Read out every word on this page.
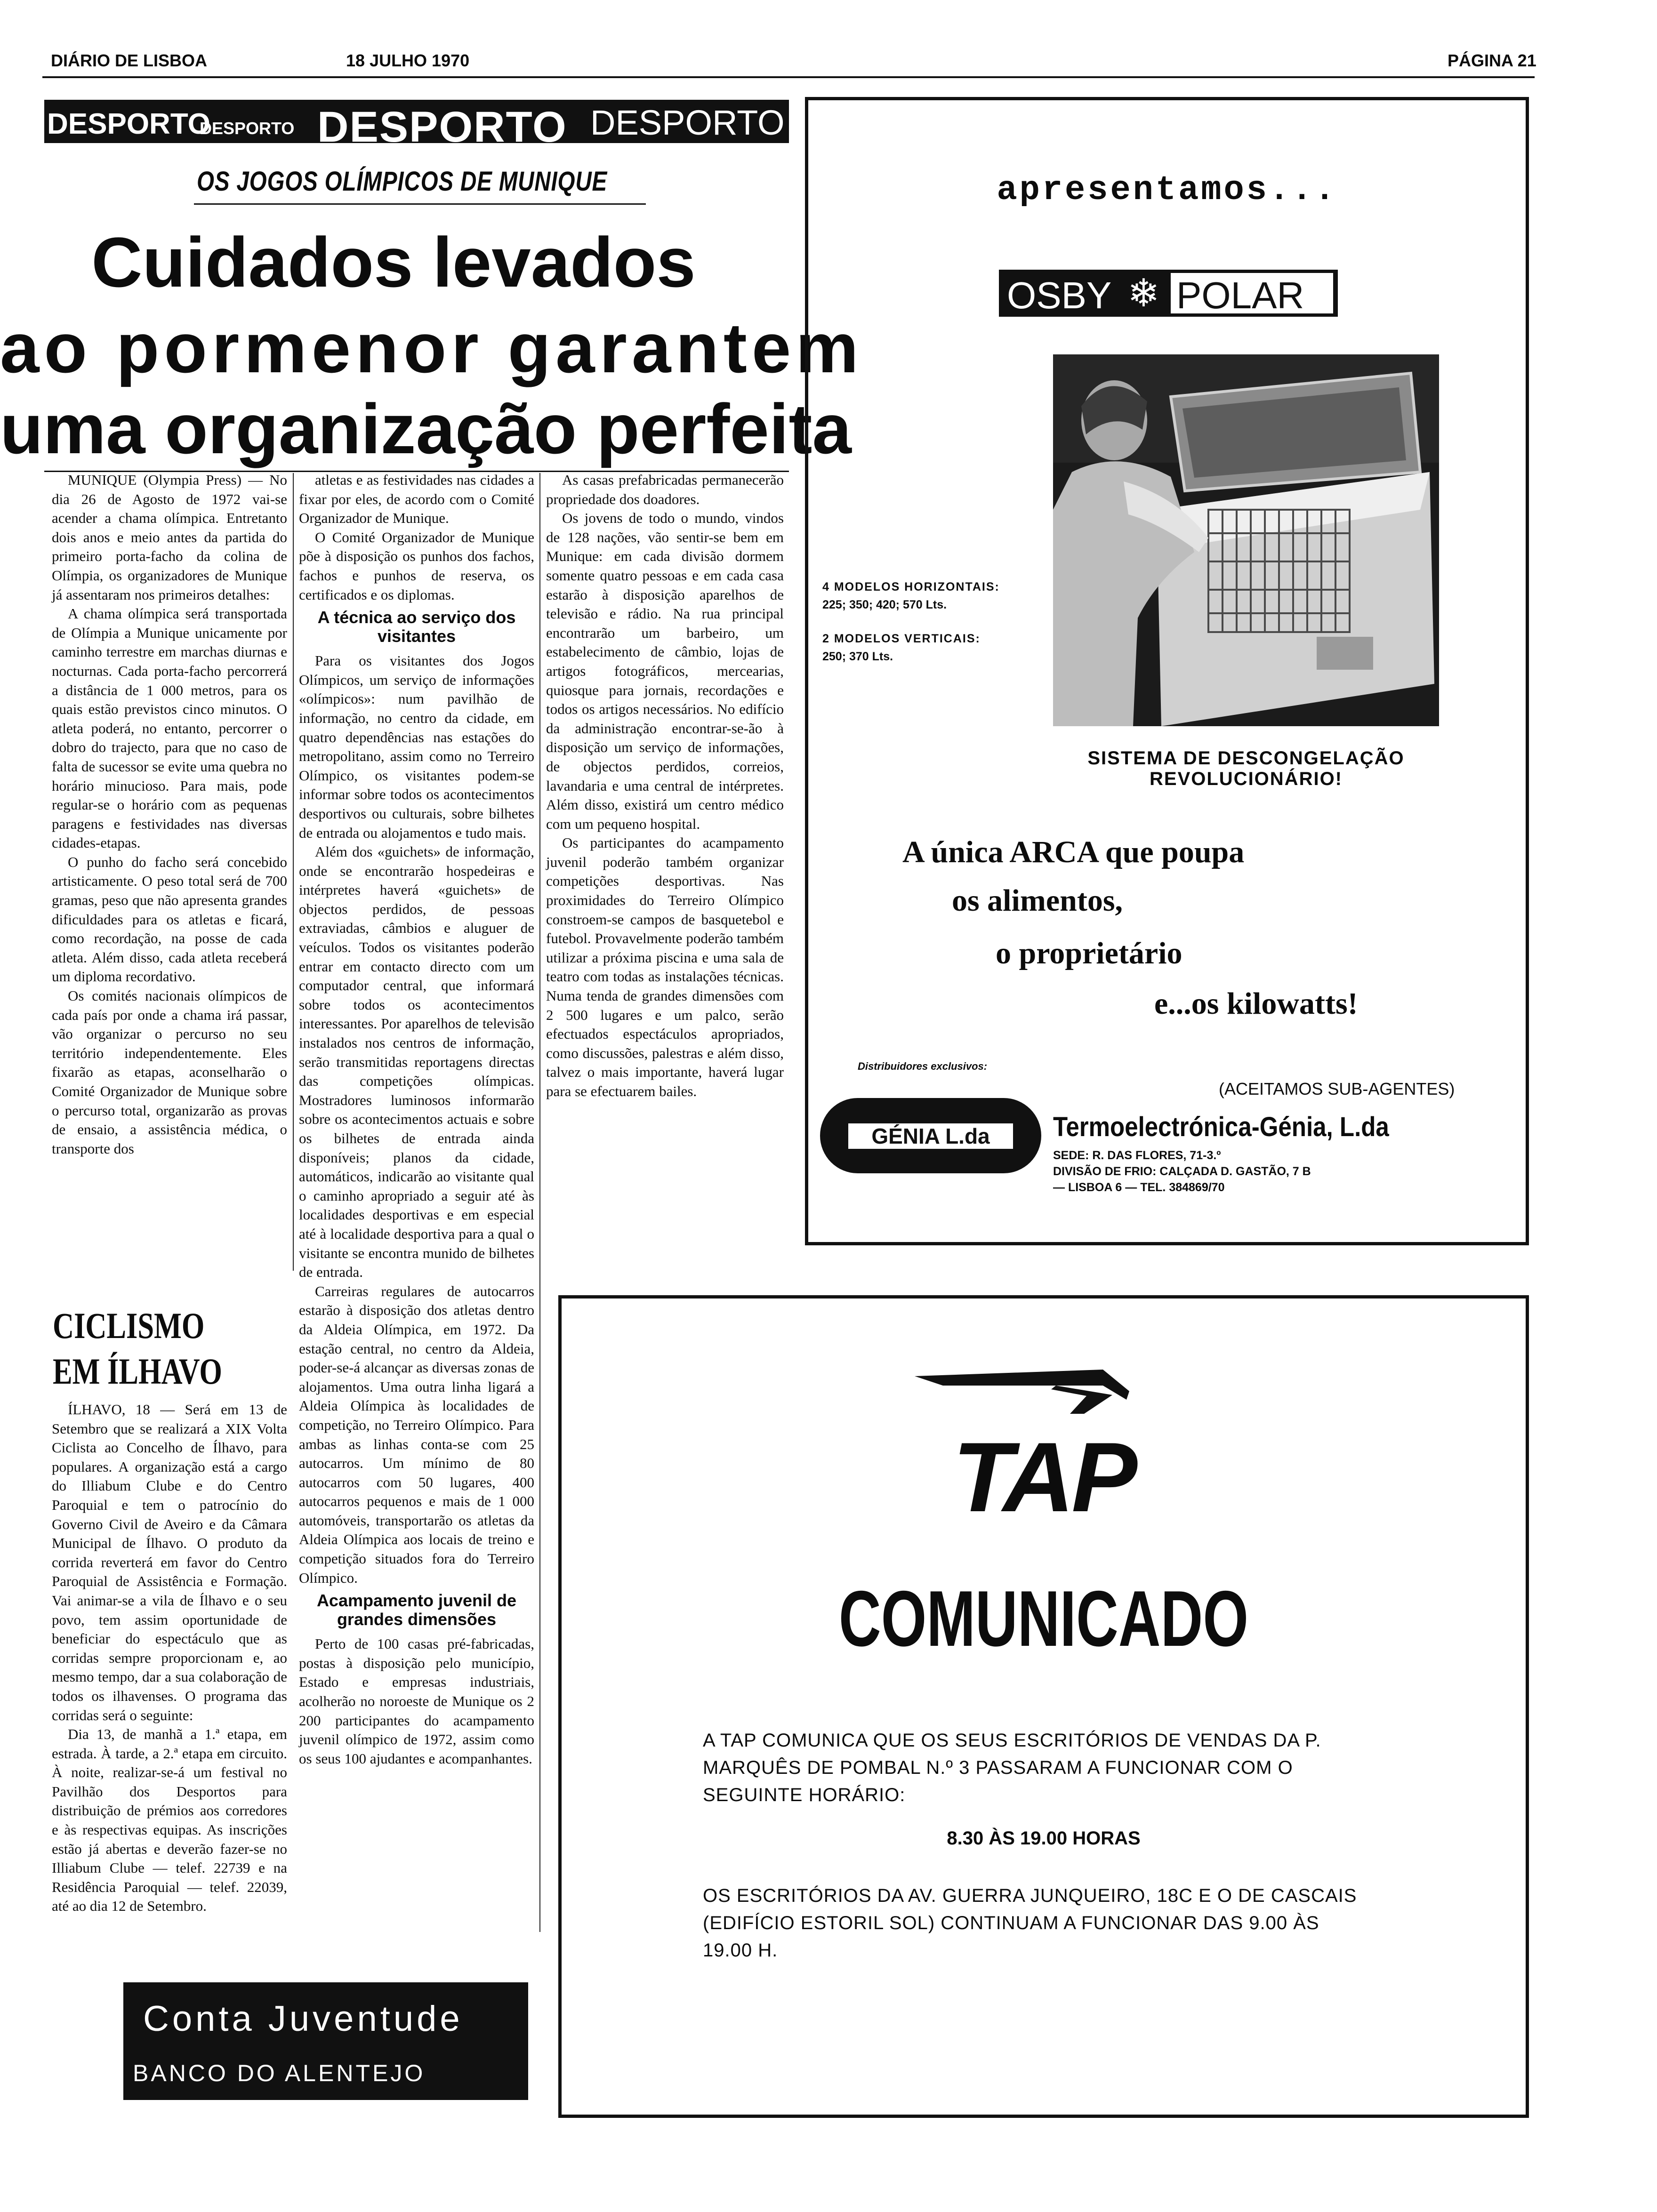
DIÁRIO DE LISBOA	18 JULHO 1970	PÁGINA 21
DESPORTO
DESPORTO DESPORTO DESPORTO
OS JOGOS OLÍMPICOS DE MUNIQUE
Cuidados levados
ao pormenor garantem
uma organização perfeita

MUNIQUE (Olympia Press) — No dia 26 de Agosto de 1972 vai-se acender a chama olímpica. Entretanto dois anos e meio antes da partida do primeiro porta-facho da colina de Olímpia, os organizadores de Munique já assentaram nos primeiros detalhes:

A chama olímpica será transportada de Olímpia a Munique unicamente por caminho terrestre em marchas diurnas e nocturnas. Cada porta-facho percorrerá a distância de 1 000 metros, para os quais estão previstos cinco minutos. O atleta poderá, no entanto, percorrer o dobro do trajecto, para que no caso de falta de sucessor se evite uma quebra no horário minucioso. Para mais, pode regular-se o horário com as pequenas paragens e festividades nas diversas cidades-etapas.

O punho do facho será concebido artisticamente. O peso total será de 700 gramas, peso que não apresenta grandes dificuldades para os atletas e ficará, como recordação, na posse de cada atleta. Além disso, cada atleta receberá um diploma recordativo.

Os comités nacionais olímpicos de cada país por onde a chama irá passar, vão organizar o percurso no seu território independentemente. Eles fixarão as etapas, aconselharão o Comité Organizador de Munique sobre o percurso total, organizarão as provas de ensaio, a assistência médica, o transporte dos

atletas e as festividades nas cidades a fixar por eles, de acordo com o Comité Organizador de Munique.

O Comité Organizador de Munique põe à disposição os punhos dos fachos, fachos e punhos de reserva, os certificados e os diplomas.

A técnica ao serviço dos visitantes

Para os visitantes dos Jogos Olímpicos, um serviço de informações «olímpicos»: num pavilhão de informação, no centro da cidade, em quatro dependências nas estações do metropolitano, assim como no Terreiro Olímpico, os visitantes podem-se informar sobre todos os acontecimentos desportivos ou culturais, sobre bilhetes de entrada ou alojamentos e tudo mais.

Além dos «guichets» de informação, onde se encontrarão hospedeiras e intérpretes haverá «guichets» de objectos perdidos, de pessoas extraviadas, câmbios e aluguer de veículos. Todos os visitantes poderão entrar em contacto directo com um computador central, que informará sobre todos os acontecimentos interessantes. Por aparelhos de televisão instalados nos centros de informação, serão transmitidas reportagens directas das competições olímpicas. Mostradores luminosos informarão sobre os acontecimentos actuais e sobre os bilhetes de entrada ainda disponíveis; planos da cidade, automáticos, indicarão ao visitante qual o caminho apropriado a seguir até às localidades desportivas e em especial até à localidade desportiva para a qual o visitante se encontra munido de bilhetes de entrada.

Carreiras regulares de autocarros estarão à disposição dos atletas dentro da Aldeia Olímpica, em 1972. Da estação central, no centro da Aldeia, poder-se-á alcançar as diversas zonas de alojamentos. Uma outra linha ligará a Aldeia Olímpica às localidades de competição, no Terreiro Olímpico. Para ambas as linhas conta-se com 25 autocarros. Um mínimo de 80 autocarros com 50 lugares, 400 autocarros pequenos e mais de 1 000 automóveis, transportarão os atletas da Aldeia Olímpica aos locais de treino e competição situados fora do Terreiro Olímpico.

Acampamento juvenil de grandes dimensões

Perto de 100 casas pré-fabricadas, postas à disposição pelo município, Estado e empresas industriais, acolherão no noroeste de Munique os 2 200 participantes do acampamento juvenil olímpico de 1972, assim como os seus 100 ajudantes e acompanhantes.

As casas prefabricadas permanecerão propriedade dos doadores.

Os jovens de todo o mundo, vindos de 128 nações, vão sentir-se bem em Munique: em cada divisão dormem somente quatro pessoas e em cada casa estarão à disposição aparelhos de televisão e rádio. Na rua principal encontrarão um barbeiro, um estabelecimento de câmbio, lojas de artigos fotográficos, mercearias, quiosque para jornais, recordações e todos os artigos necessários. No edifício da administração encontrar-se-ão à disposição um serviço de informações, de objectos perdidos, correios, lavandaria e uma central de intérpretes. Além disso, existirá um centro médico com um pequeno hospital.

Os participantes do acampamento juvenil poderão também organizar competições desportivas. Nas proximidades do Terreiro Olímpico constroem-se campos de basquetebol e futebol. Provavelmente poderão também utilizar a próxima piscina e uma sala de teatro com todas as instalações técnicas. Numa tenda de grandes dimensões com 2 500 lugares e um palco, serão efectuados espectáculos apropriados, como discussões, palestras e além disso, talvez o mais importante, haverá lugar para se efectuarem bailes.

CICLISMO
EM ÍLHAVO

ÍLHAVO, 18 — Será em 13 de Setembro que se realizará a XIX Volta Ciclista ao Concelho de Ílhavo, para populares. A organização está a cargo do Illiabum Clube e do Centro Paroquial e tem o patrocínio do Governo Civil de Aveiro e da Câmara Municipal de Ílhavo. O produto da corrida reverterá em favor do Centro Paroquial de Assistência e Formação. Vai animar-se a vila de Ílhavo e o seu povo, tem assim oportunidade de beneficiar do espectáculo que as corridas sempre proporcionam e, ao mesmo tempo, dar a sua colaboração de todos os ilhavenses. O programa das corridas será o seguinte:

Dia 13, de manhã a 1.ª etapa, em estrada. À tarde, a 2.ª etapa em circuito. À noite, realizar-se-á um festival no Pavilhão dos Desportos para distribuição de prémios aos corredores e às respectivas equipas. As inscrições estão já abertas e deverão fazer-se no Illiabum Clube — telef. 22739 e na Residência Paroquial — telef. 22039, até ao dia 12 de Setembro.

Conta Juventude
BANCO DO ALENTEJO
apresentamos...
OSBY ❄ POLAR
4 MODELOS HORIZONTAIS:
225; 350; 420; 570 Lts.
2 MODELOS VERTICAIS:
250; 370 Lts.
SISTEMA DE DESCONGELAÇÃO
REVOLUCIONÁRIO!
A única ARCA que poupa
os alimentos,
o proprietário
e...os kilowatts!
Distribuidores exclusivos:
(ACEITAMOS SUB-AGENTES)
GÉNIA L.da	Termoelectrónica-Génia, L.da
SEDE: R. DAS FLORES, 71-3.º
DIVISÃO DE FRIO: CALÇADA D. GASTÃO, 7 B
— LISBOA 6 — TEL. 384869/70
TAP
COMUNICADO
A TAP COMUNICA QUE OS SEUS ESCRITÓRIOS DE VENDAS DA P. MARQUÊS DE POMBAL N.º 3 PASSARAM A FUNCIONAR COM O SEGUINTE HORÁRIO:
8.30 ÀS 19.00 HORAS
OS ESCRITÓRIOS DA AV. GUERRA JUNQUEIRO, 18C E O DE CASCAIS (EDIFÍCIO ESTORIL SOL) CONTINUAM A FUNCIONAR DAS 9.00 ÀS 19.00 H.
